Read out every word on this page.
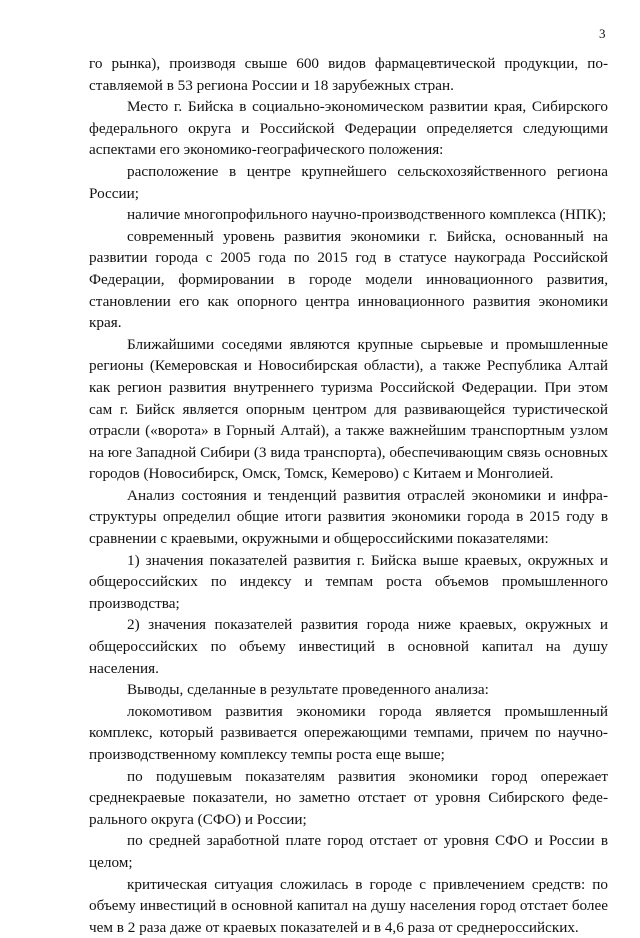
3

го рынка), производя свыше 600 видов фармацевтической продукции, поставляемой в 53 региона России и 18 зарубежных стран.

Место г. Бийска в социально-экономическом развитии края, Сибирского федерального округа и Российской Федерации определяется следующими аспектами его экономико-географического положения:

расположение в центре крупнейшего сельскохозяйственного региона России;

наличие многопрофильного научно-производственного комплекса (НПК);

современный уровень развития экономики г. Бийска, основанный на развитии города с 2005 года по 2015 год в статусе наукограда Российской Федерации, формировании в городе модели инновационного развития, становлении его как опорного центра инновационного развития экономики края.

Ближайшими соседями являются крупные сырьевые и промышленные регионы (Кемеровская и Новосибирская области), а также Республика Алтай как регион развития внутреннего туризма Российской Федерации. При этом сам г. Бийск является опорным центром для развивающейся туристической отрасли («ворота» в Горный Алтай), а также важнейшим транспортным узлом на юге Западной Сибири (3 вида транспорта), обеспечивающим связь основных городов (Новосибирск, Омск, Томск, Кемерово) с Китаем и Монголией.

Анализ состояния и тенденций развития отраслей экономики и инфраструктуры определил общие итоги развития экономики города в 2015 году в сравнении с краевыми, окружными и общероссийскими показателями:

1) значения показателей развития г. Бийска выше краевых, окружных и общероссийских по индексу и темпам роста объемов промышленного производства;

2) значения показателей развития города ниже краевых, окружных и общероссийских по объему инвестиций в основной капитал на душу населения.

Выводы, сделанные в результате проведенного анализа:

локомотивом развития экономики города является промышленный комплекс, который развивается опережающими темпами, причем по научно-производственному комплексу темпы роста еще выше;

по подушевым показателям развития экономики город опережает среднекраевые показатели, но заметно отстает от уровня Сибирского федерального округа (СФО) и России;

по средней заработной плате город отстает от уровня СФО и России в целом;

критическая ситуация сложилась в городе с привлечением средств: по объему инвестиций в основной капитал на душу населения город отстает более чем в 2 раза даже от краевых показателей и в 4,6 раза от среднероссийских.
